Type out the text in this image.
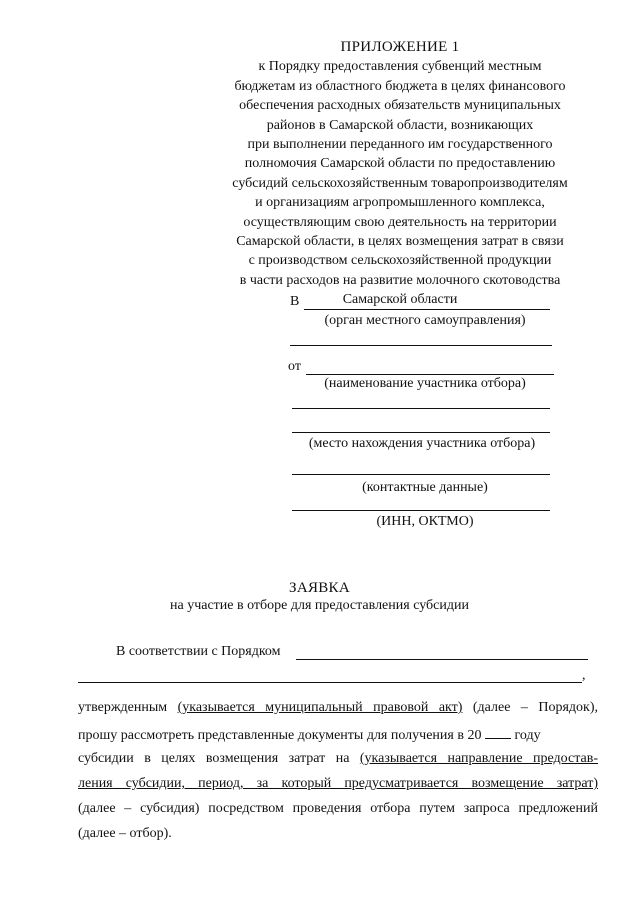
ПРИЛОЖЕНИЕ 1
к Порядку предоставления субвенций местным
бюджетам из областного бюджета в целях финансового
обеспечения расходных обязательств муниципальных
районов в Самарской области, возникающих
при выполнении переданного им государственного
полномочия Самарской области по предоставлению
субсидий сельскохозяйственным товаропроизводителям
и организациям агропромышленного комплекса,
осуществляющим свою деятельность на территории
Самарской области, в целях возмещения затрат в связи
с производством сельскохозяйственной продукции
в части расходов на развитие молочного скотоводства
Самарской области
В
(орган местного самоуправления)
от
(наименование участника отбора)
(место нахождения участника отбора)
(контактные данные)
(ИНН, ОКТМО)
ЗАЯВКА
на участие в отборе для предоставления субсидии
В соответствии с Порядком
,
утвержденным (указывается муниципальный правовой акт) (далее – Порядок),
прошу рассмотреть представленные документы для получения в 20 году
субсидии в целях возмещения затрат на (указывается направление предостав-
ления субсидии, период, за который предусматривается возмещение затрат)
(далее – субсидия) посредством проведения отбора путем запроса предложений
(далее – отбор).
